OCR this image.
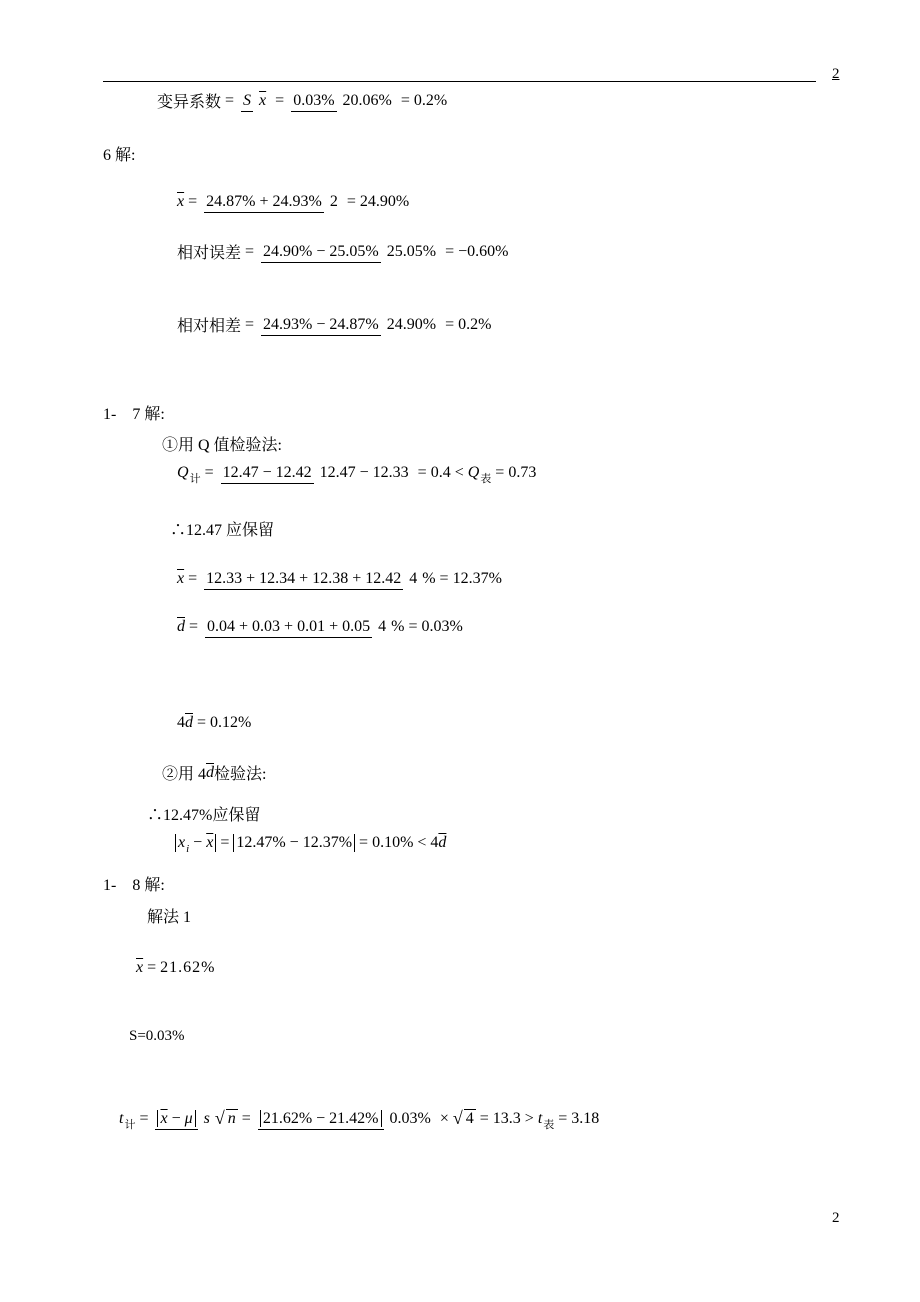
2
变异系数 = S $\overline{x} = 0.03\%$ 20.06% = 0.2%
6 解:
$\overline{x} = 24.87\% + 24.93\%$ 2 = 24.90%
相对误差 = 24.90% − 25.05% 25.05% = −0.60%
相对相差 = 24.93% − 24.87% 24.90% = 0.2%
1-　7 解:
①用 Q 值检验法:
Q 计 = 12.47 − 12.42 12.47 − 12.33 = 0.4 < Q 表 = 0.73
∴12.47 应保留
$\overline{x} = 12.33 + 12.34 + 12.38 + 12.42$ 4 % = 12.37%
$\overline{d} = 0.04 + 0.03 + 0.01 + 0.05$ 4 % = 0.03%
4 $\overline{d} = 0.12\%$
②用 4 $\overline{d}$ 检验法:
∴12.47%应保留
$x_i - \overline{x} = 12.47\% - 12.37\% = 0.10\% < 4$ $\overline{d}$
1-　8 解:
解法 1
$\overline{x} = 21.62\%$
S=0.03%
t 计 = $\overline{x} - \mu$ s √ n = 21.62% − 21.42% 0.03% × √ 4 = 13.3 > t 表 = 3.18
2
